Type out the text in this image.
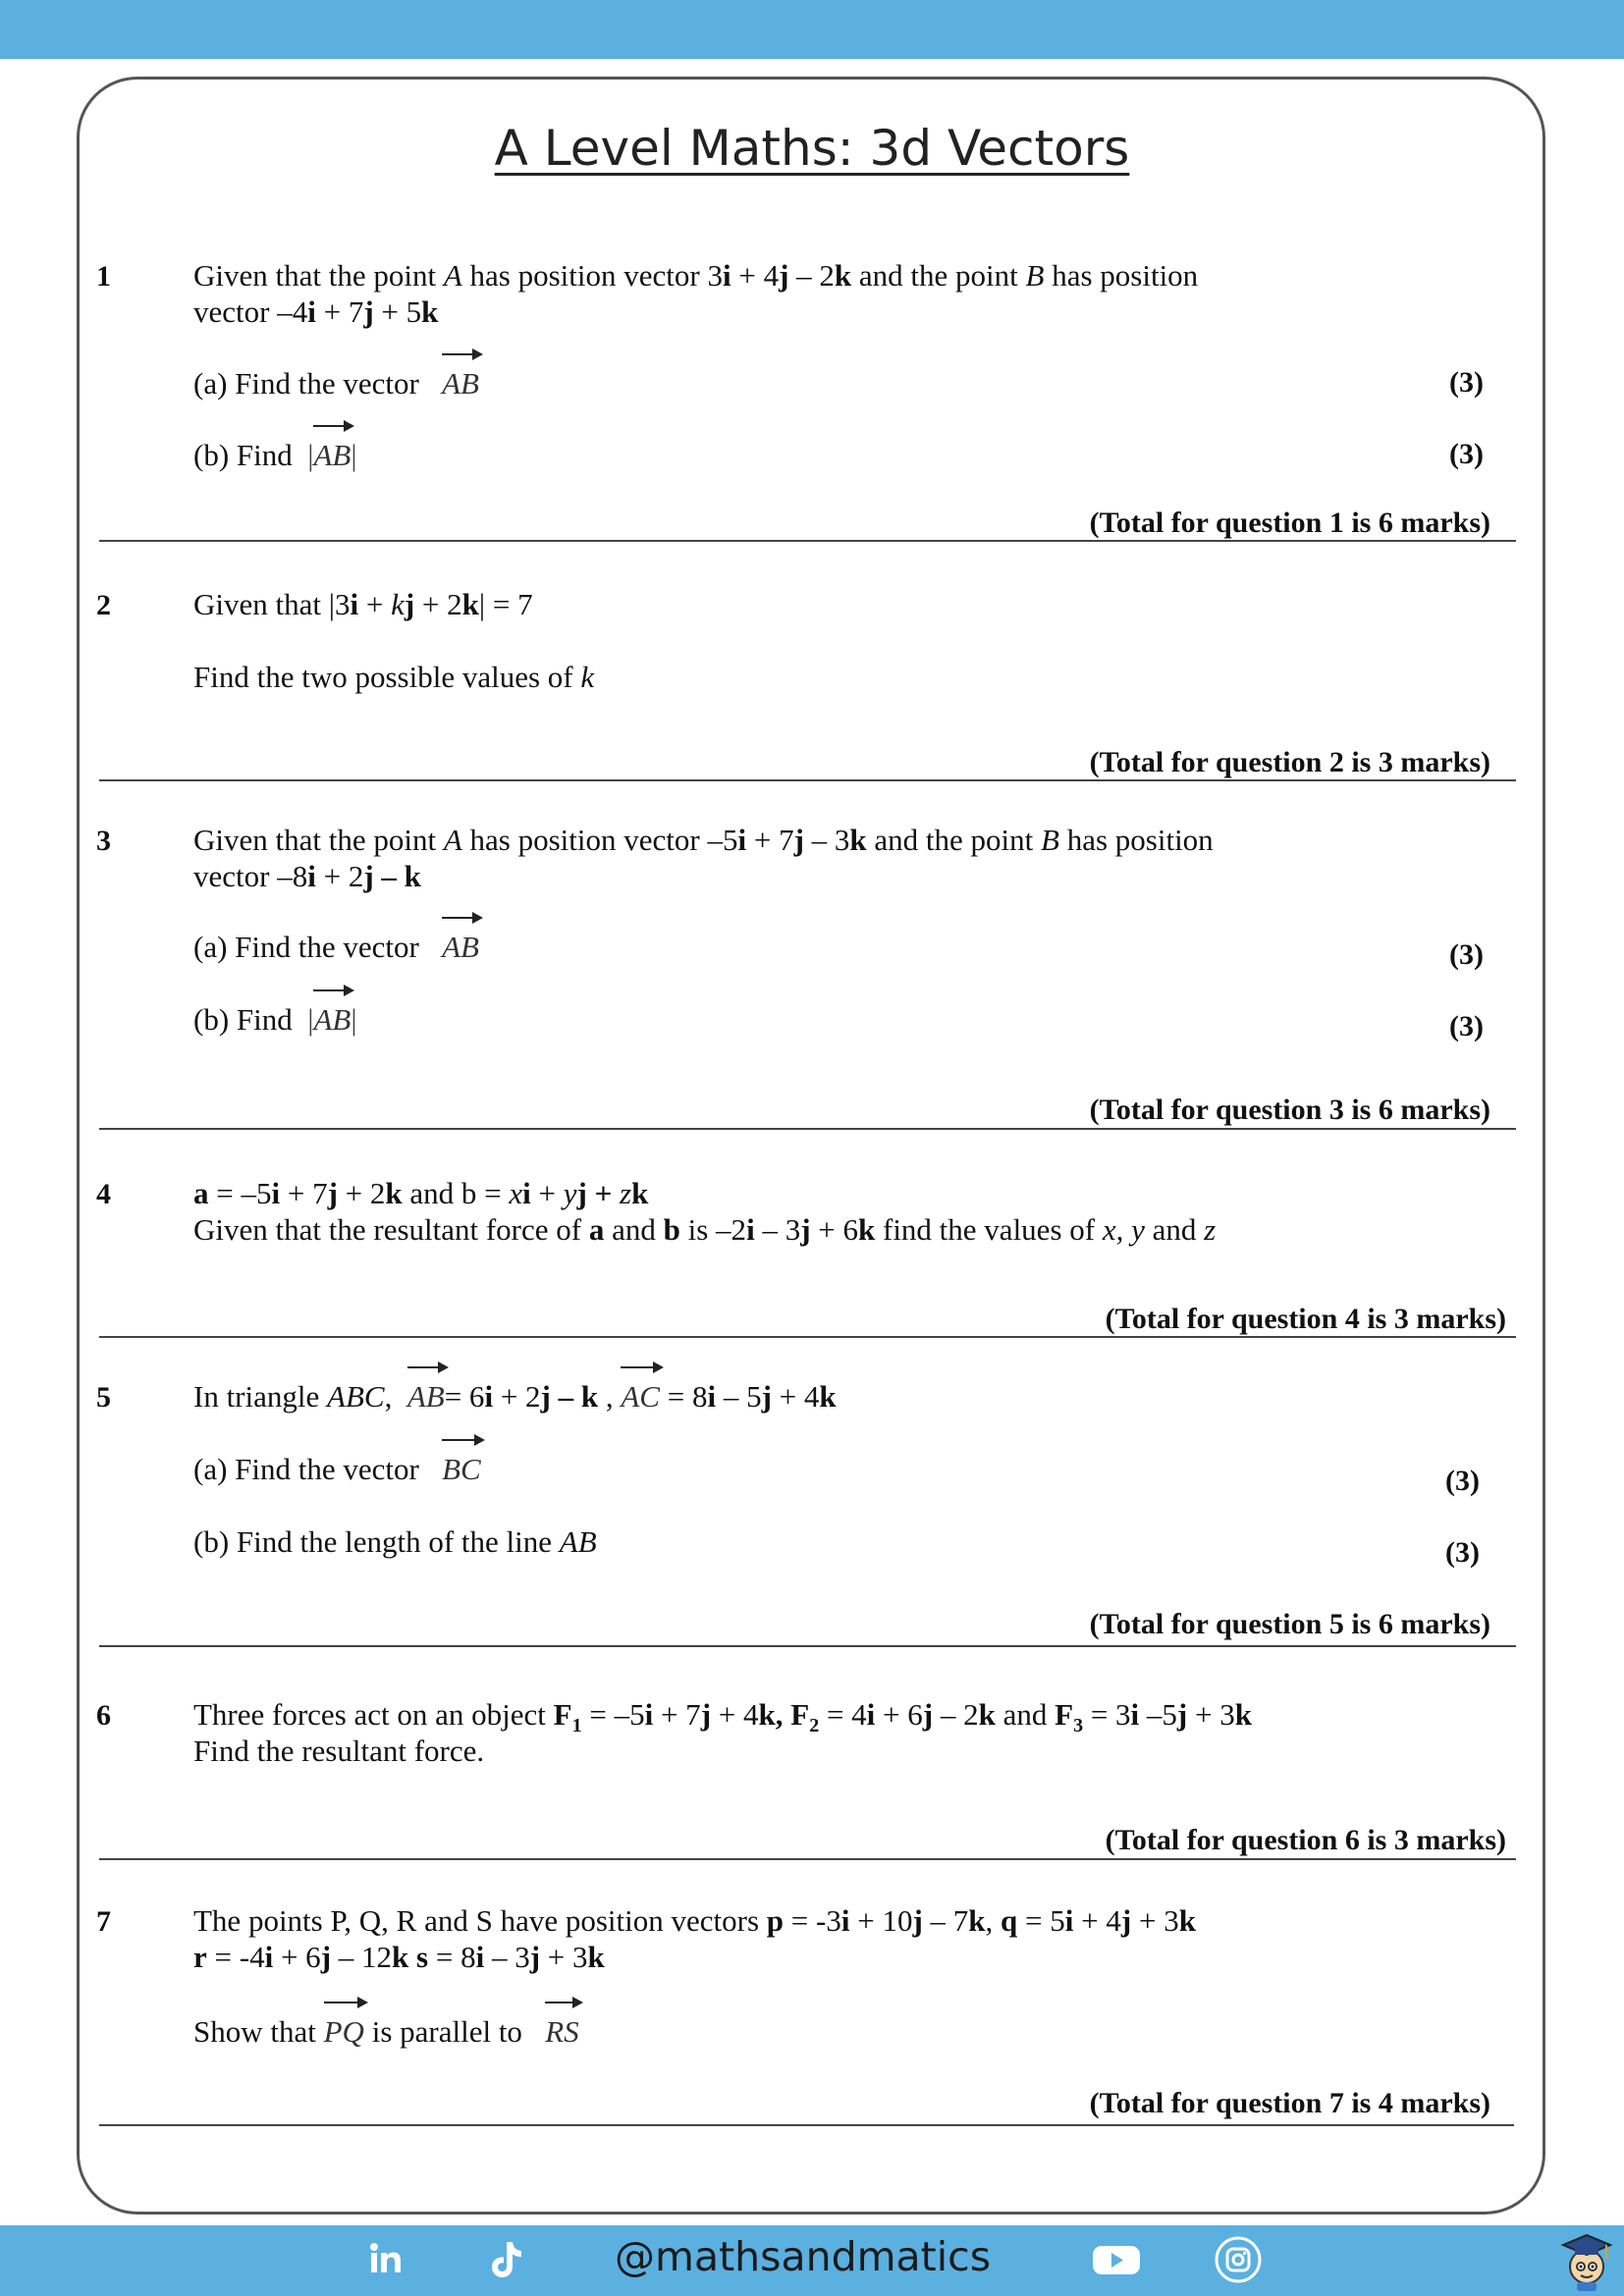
A Level Maths: 3d Vectors
1	Given that the point A has position vector 3i + 4j – 2k and the point B has position
vector –4i + 7j + 5k
(a) Find the vector AB	(3)
(b) Find |
AB|	(3)
(Total for question 1 is 6 marks)
2	Given that |3i + kj + 2k| = 7
Find the two possible values of k
(Total for question 2 is 3 marks)
3	Given that the point A has position vector –5i + 7j – 3k and the point B has position
vector –8i + 2j – k
(a) Find the vector AB	(3)
(b) Find |
AB|	(3)
(Total for question 3 is 6 marks)
4	a = –5i + 7j + 2k and b = xi + yj + zk
Given that the resultant force of a and b is –2i – 3j + 6k find the values of x, y and z
(Total for question 4 is 3 marks)
5	In triangle ABC,
AB= 6i + 2j – k ,
AC = 8i – 5j + 4k
(a) Find the vector BC	(3)
(b) Find the length of the line AB	(3)
(Total for question 5 is 6 marks)
6	Three forces act on an object $F_1 = -5i + 7j + 4k$, $F_2 = 4i + 6j - 2k$ and $F_3 = 3i$ –5j + 3k
Find the resultant force.
(Total for question 6 is 3 marks)
7	The points P, Q, R and S have position vectors p = -3i + 10j – 7k, q = 5i + 4j + 3k
r = -4i + 6j – 12k s = 8i – 3j + 3k
Show that
PQ is parallel to
RS
(Total for question 7 is 4 marks)
@mathsandmatics
